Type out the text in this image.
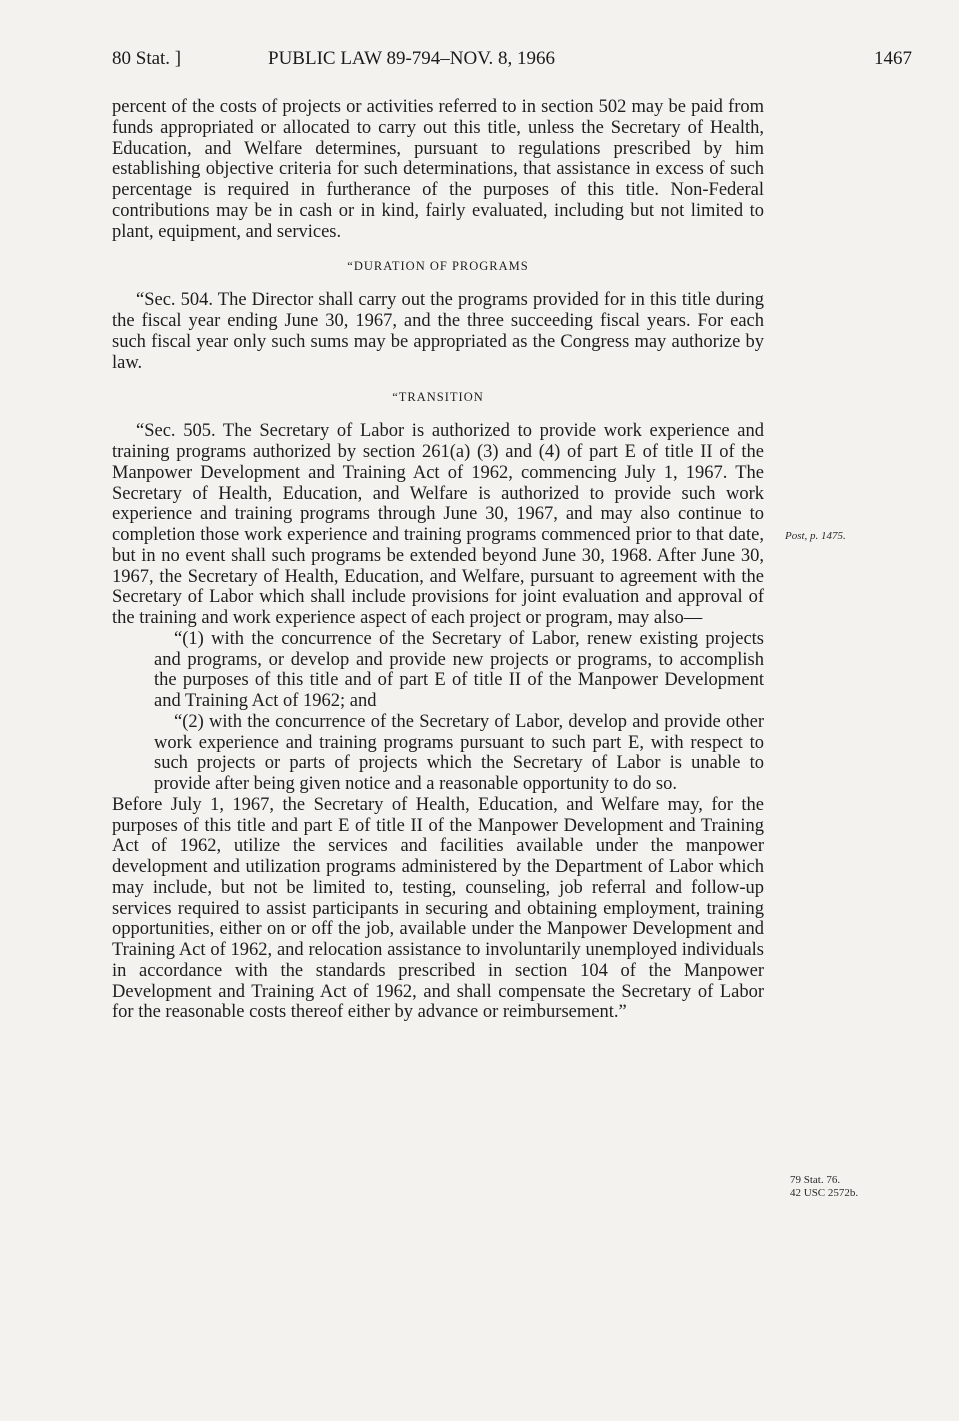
80 Stat. ]	PUBLIC LAW 89-794–NOV. 8, 1966	1467

percent of the costs of projects or activities referred to in section 502 may be paid from funds appropriated or allocated to carry out this title, unless the Secretary of Health, Education, and Welfare determines, pursuant to regulations prescribed by him establishing objective criteria for such determinations, that assistance in excess of such percentage is required in furtherance of the purposes of this title. Non-Federal contributions may be in cash or in kind, fairly evaluated, including but not limited to plant, equipment, and services.

“DURATION OF PROGRAMS

“Sec. 504. The Director shall carry out the programs provided for in this title during the fiscal year ending June 30, 1967, and the three succeeding fiscal years. For each such fiscal year only such sums may be appropriated as the Congress may authorize by law.

“TRANSITION

“Sec. 505. The Secretary of Labor is authorized to provide work experience and training programs authorized by section 261(a) (3) and (4) of part E of title II of the Manpower Development and Training Act of 1962, commencing July 1, 1967. The Secretary of Health, Education, and Welfare is authorized to provide such work experience and training programs through June 30, 1967, and may also continue to completion those work experience and training programs commenced prior to that date, but in no event shall such programs be extended beyond June 30, 1968. After June 30, 1967, the Secretary of Health, Education, and Welfare, pursuant to agreement with the Secretary of Labor which shall include provisions for joint evaluation and approval of the training and work experience aspect of each project or program, may also—

“(1) with the concurrence of the Secretary of Labor, renew existing projects and programs, or develop and provide new projects or programs, to accomplish the purposes of this title and of part E of title II of the Manpower Development and Training Act of 1962; and

“(2) with the concurrence of the Secretary of Labor, develop and provide other work experience and training programs pursuant to such part E, with respect to such projects or parts of projects which the Secretary of Labor is unable to provide after being given notice and a reasonable opportunity to do so.

Before July 1, 1967, the Secretary of Health, Education, and Welfare may, for the purposes of this title and part E of title II of the Manpower Development and Training Act of 1962, utilize the services and facilities available under the manpower development and utilization programs administered by the Department of Labor which may include, but not be limited to, testing, counseling, job referral and follow-up services required to assist participants in securing and obtaining employment, training opportunities, either on or off the job, available under the Manpower Development and Training Act of 1962, and relocation assistance to involuntarily unemployed individuals in accordance with the standards prescribed in section 104 of the Manpower Development and Training Act of 1962, and shall compensate the Secretary of Labor for the reasonable costs thereof either by advance or reimbursement.”

Post, p. 1475.
79 Stat. 76.
42 USC 2572b.
